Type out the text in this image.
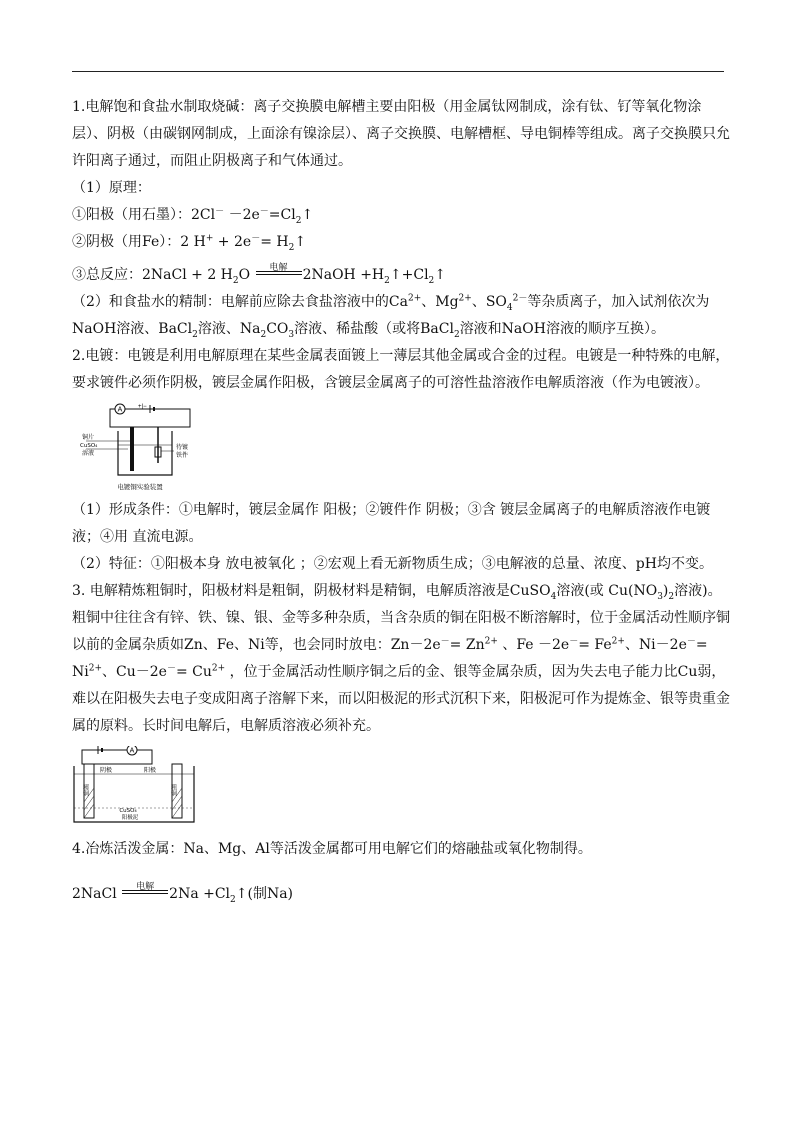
1.电解饱和食盐水制取烧碱：离子交换膜电解槽主要由阳极（用金属钛网制成，涂有钛、钌等氧化物涂层）、阴极（由碳钢网制成，上面涂有镍涂层）、离子交换膜、电解槽框、导电铜棒等组成。离子交换膜只允许阳离子通过，而阻止阴极离子和气体通过。

（1）原理：

①阳极（用石墨）：$2Cl^- -2e^-=Cl_2↑$

②阴极（用Fe）：2 $H^+ + 2e^-= H_2↑$

③总反应：2NaCl + 2 $H_2O$	电解	2NaOH $+H_2↑+Cl_2↑$

（2）和食盐水的精制：电解前应除去食盐溶液中的$Ca^{2+}$、$Mg^{2+}$、$SO_4^{2-}$等杂质离子，加入试剂依次为NaOH溶液、BaCl$_2$溶液、$Na_2CO_3$溶液、稀盐酸（或将BaCl$_2$溶液和NaOH溶液的顺序互换）。

2.电镀：电镀是利用电解原理在某些金属表面镀上一薄层其他金属或合金的过程。电镀是一种特殊的电解，要求镀件必须作阴极，镀层金属作阳极，含镀层金属离子的可溶性盐溶液作电解质溶液（作为电镀液）。

A	+|−
铜片
CuSO₄
溶液
待镀
铁件
电镀铜实验装置

（1）形成条件：①电解时，镀层金属作 阳极；②镀件作 阴极；③含 镀层金属离子的电解质溶液作电镀液；④用 直流电源。

（2）特征：①阳极本身 放电被氧化 ；②宏观上看无新物质生成；③电解液的总量、浓度、pH均不变。

3. 电解精炼粗铜时，阳极材料是粗铜，阴极材料是精铜，电解质溶液是CuSO$_4$溶液(或 $Cu(NO_3)_2$溶液)。粗铜中往往含有锌、铁、镍、银、金等多种杂质，当含杂质的铜在阳极不断溶解时，位于金属活动性顺序铜以前的金属杂质如Zn、Fe、Ni等，也会同时放电：$Zn-2e^-= Zn^{2+}$ 、$Fe -2e^-= Fe^{2+}$、$Ni-2e^-= Ni^{2+}$、$Cu-2e^-= Cu^{2+}$ ，位于金属活动性顺序铜之后的金、银等金属杂质，因为失去电子能力比Cu弱，难以在阳极失去电子变成阳离子溶解下来，而以阳极泥的形式沉积下来，阳极泥可作为提炼金、银等贵重金属的原料。长时间电解后，电解质溶液必须补充。

A
精铜	粗铜
阴极	阳极
CuSO₄
阳极泥

4.冶炼活泼金属：Na、Mg、Al等活泼金属都可用电解它们的熔融盐或氧化物制得。

2NaCl	电解	$2Na +Cl_2↑$(制Na)
